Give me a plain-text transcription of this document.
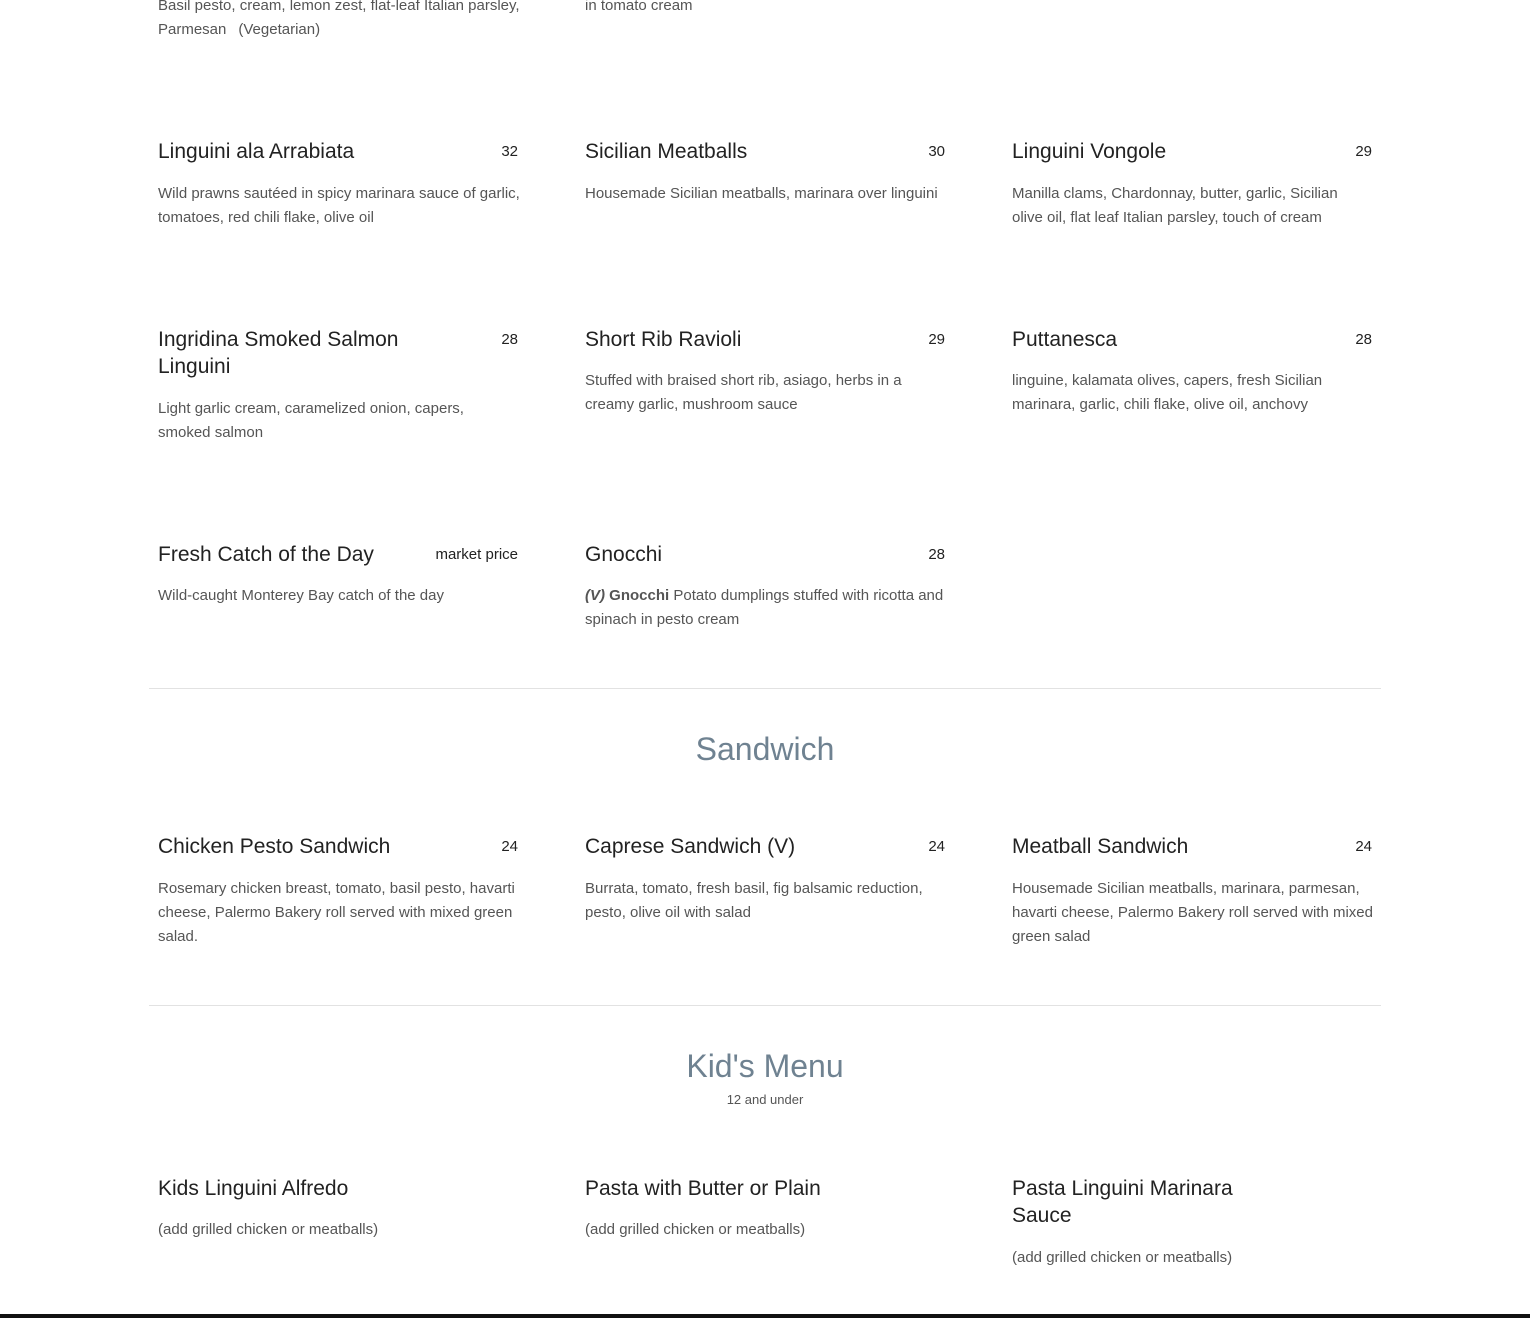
Basil pesto, cream, lemon zest, flat-leaf Italian parsley, Parmesan (Vegetarian)
in tomato cream
Linguini ala Arrabiata	32
Wild prawns sautéed in spicy marinara sauce of garlic, tomatoes, red chili flake, olive oil
Sicilian Meatballs	30
Housemade Sicilian meatballs, marinara over linguini
Linguini Vongole	29
Manilla clams, Chardonnay, butter, garlic, Sicilian olive oil, flat leaf Italian parsley, touch of cream
Ingridina Smoked Salmon Linguini
28
Light garlic cream, caramelized onion, capers, smoked salmon
Short Rib Ravioli	29
Stuffed with braised short rib, asiago, herbs in a creamy garlic, mushroom sauce
Puttanesca	28
linguine, kalamata olives, capers, fresh Sicilian marinara, garlic, chili flake, olive oil, anchovy
Fresh Catch of the Day	market price
Wild-caught Monterey Bay catch of the day
Gnocchi	28
(V) Gnocchi Potato dumplings stuffed with ricotta and spinach in pesto cream
Sandwich
Chicken Pesto Sandwich	24
Rosemary chicken breast, tomato, basil pesto, havarti cheese, Palermo Bakery roll served with mixed green salad.
Caprese Sandwich (V)	24
Burrata, tomato, fresh basil, fig balsamic reduction, pesto, olive oil with salad
Meatball Sandwich	24
Housemade Sicilian meatballs, marinara, parmesan, havarti cheese, Palermo Bakery roll served with mixed green salad
Kid's Menu
12 and under
Kids Linguini Alfredo
(add grilled chicken or meatballs)
Pasta with Butter or Plain
(add grilled chicken or meatballs)
Pasta Linguini Marinara Sauce
(add grilled chicken or meatballs)
